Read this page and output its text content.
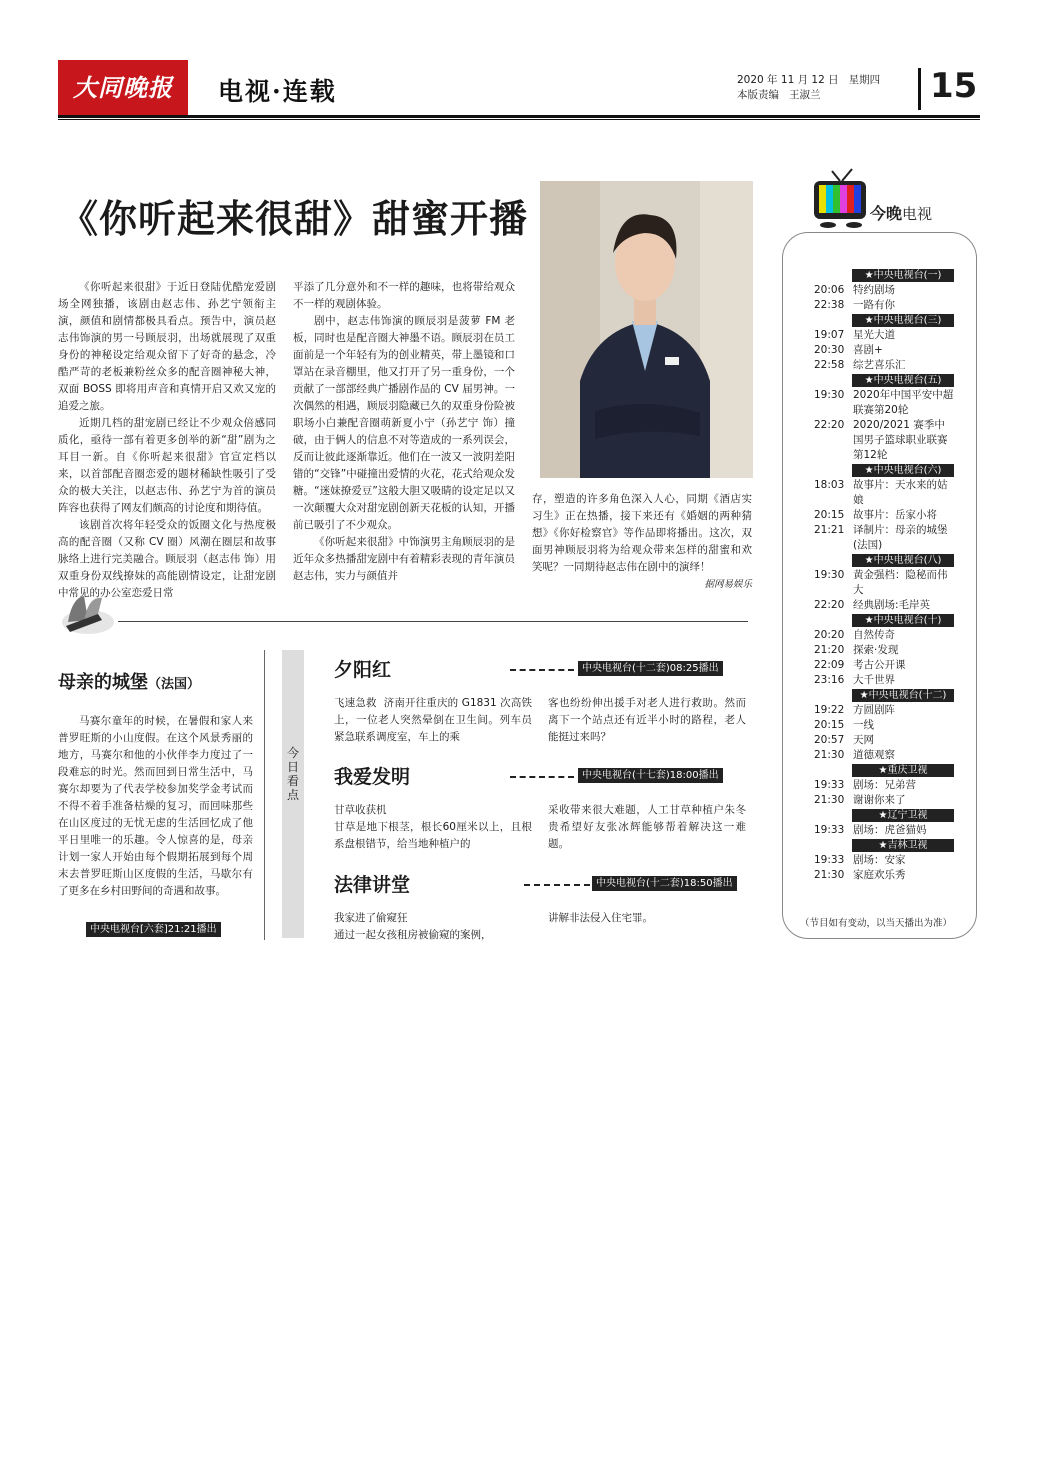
大同晚报	电视·连载	2020 年 11 月 12 日   星期四
本版责编   王淑兰	15
《你听起来很甜》甜蜜开播

《你听起来很甜》于近日登陆优酷宠爱剧场全网独播，该剧由赵志伟、孙艺宁领衔主演，颜值和剧情都极具看点。预告中，演员赵志伟饰演的男一号顾辰羽，出场就展现了双重身份的神秘设定给观众留下了好奇的悬念，冷酷严苛的老板兼粉丝众多的配音圈神秘大神，双面 BOSS 即将用声音和真情开启又欢又宠的追爱之旅。

近期几档的甜宠剧已经让不少观众倍感同质化，亟待一部有着更多创举的新“甜”剧为之耳目一新。自《你听起来很甜》官宣定档以来，以首部配音圈恋爱的题材稀缺性吸引了受众的极大关注，以赵志伟、孙艺宁为首的演员阵容也获得了网友们颇高的讨论度和期待值。

该剧首次将年轻受众的饭圈文化与热度极高的配音圈（又称 CV 圈）风潮在圈层和故事脉络上进行完美融合。顾辰羽（赵志伟 饰）用双重身份双线撩妹的高能剧情设定，让甜宠剧中常见的办公室恋爱日常

平添了几分意外和不一样的趣味，也将带给观众不一样的观剧体验。

剧中，赵志伟饰演的顾辰羽是菠萝 FM 老板，同时也是配音圈大神墨不语。顾辰羽在员工面前是一个年轻有为的创业精英，带上墨镜和口罩站在录音棚里，他又打开了另一重身份，一个贡献了一部部经典广播剧作品的 CV 届男神。一次偶然的相遇，顾辰羽隐藏已久的双重身份险被职场小白兼配音圈萌新夏小宁（孙艺宁 饰）撞破，由于俩人的信息不对等造成的一系列误会，反而让彼此逐渐靠近。他们在一波又一波阴差阳错的“交锋”中碰撞出爱情的火花，花式给观众发糖。“迷妹撩爱豆”这般大胆又吸睛的设定足以又一次颠覆大众对甜宠剧创新天花板的认知，开播前已吸引了不少观众。

《你听起来很甜》中饰演男主角顾辰羽的是近年众多热播甜宠剧中有着精彩表现的青年演员赵志伟，实力与颜值并

存，塑造的许多角色深入人心，同期《酒店实习生》正在热播，接下来还有《婚姻的两种猜想》《你好检察官》等作品即将播出。这次，双面男神顾辰羽将为给观众带来怎样的甜蜜和欢笑呢？一同期待赵志伟在剧中的演绎！

据网易娱乐
今晚电视
★中央电视台(一)
20:06 特约剧场
22:38 一路有你
★中央电视台(三)
19:07 星光大道
20:30 喜剧+
22:58 综艺喜乐汇
★中央电视台(五)
19:30 2020年中国平安中超联赛第20轮
22:20 2020/2021 赛季中国男子篮球职业联赛第12轮
★中央电视台(六)
18:03 故事片：天水来的姑娘
20:15 故事片：岳家小将
21:21 译制片：母亲的城堡(法国)
★中央电视台(八)
19:30 黄金强档：隐秘而伟大
22:20 经典剧场:毛岸英
★中央电视台(十)
20:20 自然传奇
21:20 探索·发现
22:09 考古公开课
23:16 大千世界
★中央电视台(十二)
19:22 方圆剧阵
20:15 一线
20:57 天网
21:30 道德观察
★重庆卫视
19:33 剧场：兄弟营
21:30 谢谢你来了
★辽宁卫视
19:33 剧场：虎爸猫妈
★吉林卫视
19:33 剧场：安家
21:30 家庭欢乐秀
（节目如有变动，以当天播出为准）
母亲的城堡（法国）

马赛尔童年的时候，在暑假和家人来普罗旺斯的小山度假。在这个风景秀丽的地方，马赛尔和他的小伙伴李力度过了一段难忘的时光。然而回到日常生活中，马赛尔却要为了代表学校参加奖学金考试而不得不着手准备枯燥的复习，而回味那些在山区度过的无忧无虑的生活回忆成了他平日里唯一的乐趣。令人惊喜的是，母亲计划一家人开始由每个假期拓展到每个周末去普罗旺斯山区度假的生活，马歇尔有了更多在乡村田野间的奇遇和故事。

中央电视台[六套]21:21播出
今日看点
夕阳红	中央电视台(十二套)08:25播出
飞速急救  济南开往重庆的 G1831 次高铁上，一位老人突然晕倒在卫生间。列车员紧急联系调度室，车上的乘
客也纷纷伸出援手对老人进行救助。然而离下一个站点还有近半小时的路程，老人能挺过来吗？
我爱发明	中央电视台(十七套)18:00播出
甘草收获机
甘草是地下根茎，根长60厘米以上，且根系盘根错节，给当地种植户的
采收带来很大难题，人工甘草种植户朱冬贵希望好友张冰辉能够帮着解决这一难题。
法律讲堂	中央电视台(十二套)18:50播出
我家进了偷窥狂
通过一起女孩租房被偷窥的案例，
讲解非法侵入住宅罪。
